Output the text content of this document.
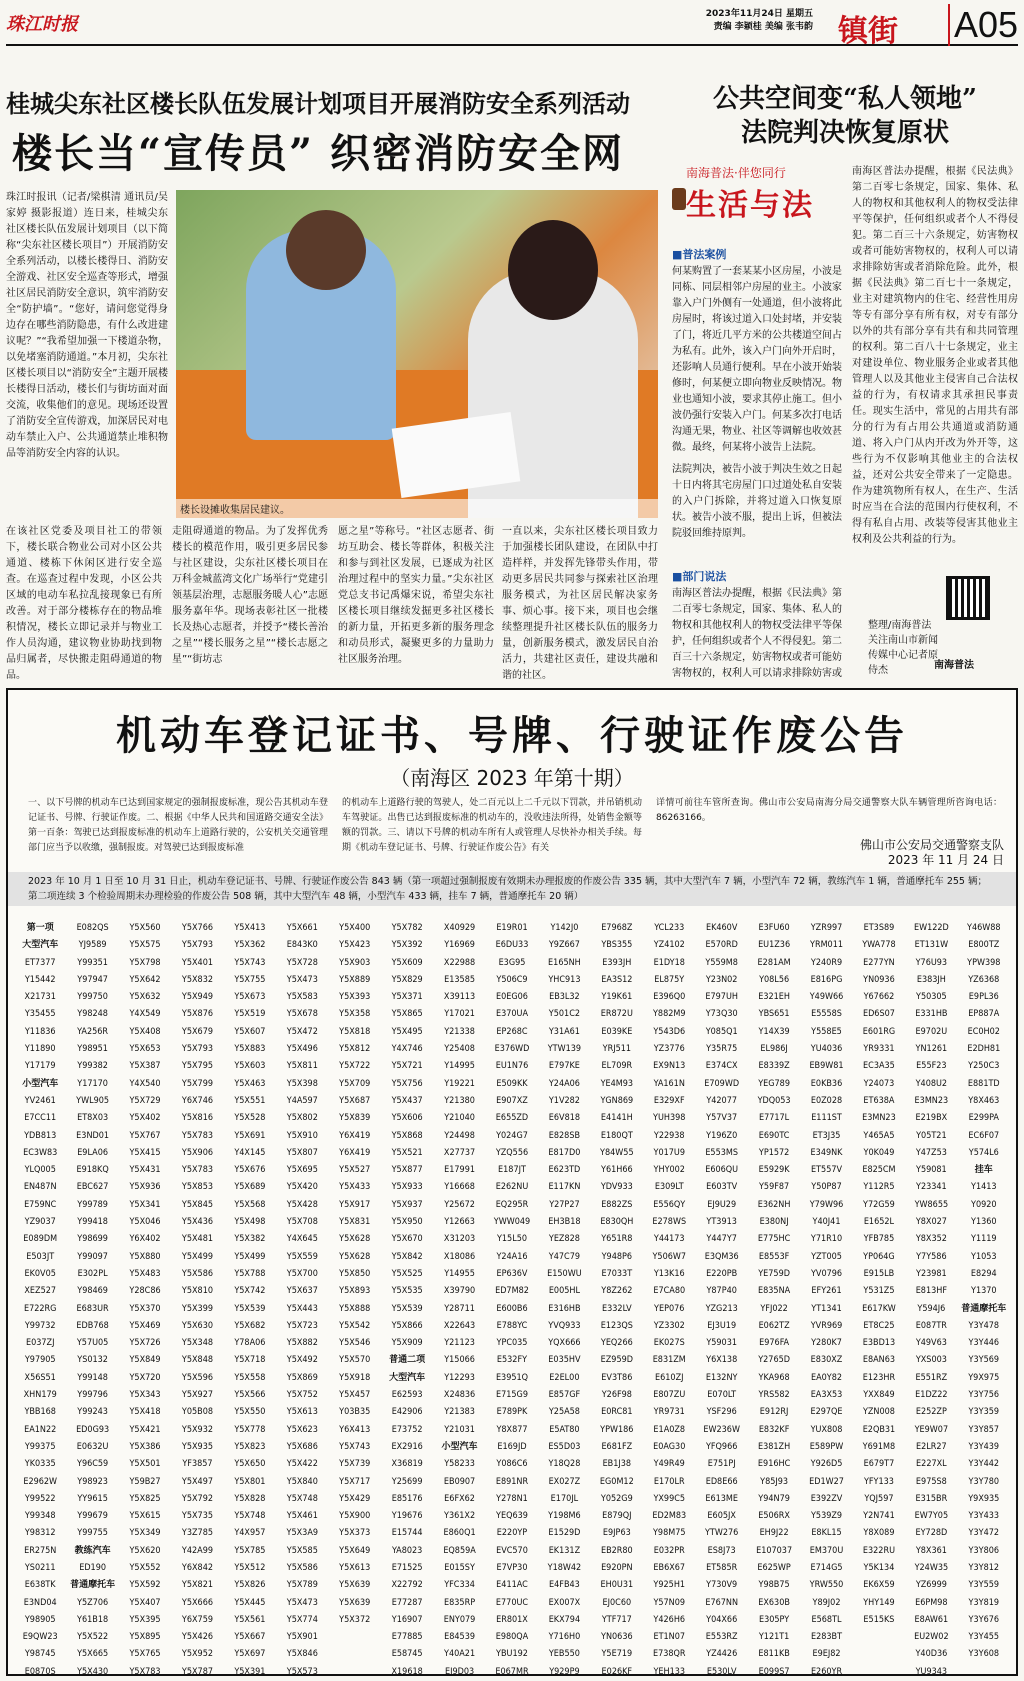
珠江时报	2023年11月24日 星期五
责编 李颖桂 美编 张韦韵 镇街 A05
桂城尖东社区楼长队伍发展计划项目开展消防安全系列活动
楼长当“宣传员” 织密消防安全网
珠江时报讯（记者/梁棋清 通讯员/吴家婷 摄影报道）连日来，桂城尖东社区楼长队伍发展计划项目（以下简称“尖东社区楼长项目”）开展消防安全系列活动，以楼长楼得日、消防安全游戏、社区安全巡查等形式，增强社区居民消防安全意识，筑牢消防安全“防护墙”。“您好，请问您觉得身边存在哪些消防隐患，有什么改进建议呢？”“我希望加强一下楼道杂物，以免堵塞消防通道。”本月初，尖东社区楼长项目以“消防安全”主题开展楼长楼得日活动，楼长们与街坊面对面交流，收集他们的意见。现场还设置了消防安全宣传游戏，加深居民对电动车禁止入户、公共通道禁止堆积物品等消防安全内容的认识。
楼长设摊收集居民建议。
在该社区党委及项目社工的带领下，楼长联合物业公司对小区公共通道、楼栋下休闲区进行安全巡查。在巡查过程中发现，小区公共区域的电动车私拉乱接现象已有所改善。对于部分楼栋存在的物品堆积情况，楼长立即记录并与物业工作人员沟通，建议物业协助找到物品归属者，尽快搬走阻碍通道的物品。
走阻碍通道的物品。为了发挥优秀楼长的模范作用，吸引更多居民参与社区建设，尖东社区楼长项目在万科金城蓝湾文化广场举行“党建引领基层治理，志愿服务暖人心”志愿服务嘉年华。现场表彰社区一批楼长及热心志愿者，并授予“楼长善治之星”“楼长服务之星”“楼长志愿之星”“街坊志
愿之星”等称号。“社区志愿者、街坊互助会、楼长等群体，积极关注和参与到社区发展，已逐成为社区治理过程中的坚实力量。”尖东社区党总支书记禹爆宋说，希望尖东社区楼长项目继续发掘更多社区楼长的新力量，开拓更多新的服务理念和动员形式，凝聚更多的力量助力社区服务治理。
一直以来，尖东社区楼长项目致力于加强楼长团队建设，在团队中打造样样，并发挥先锋带头作用，带动更多居民共同参与探索社区治理服务模式，为社区居民解决家务事、烦心事。接下来，项目也会继续整理提升社区楼长队伍的服务力量，创新服务模式，激发居民自治活力，共建社区责任，建设共融和谐的社区。
公共空间变“私人领地”
法院判决恢复原状
南海普法·伴您同行
生活与法
■普法案例
何某购置了一套某某小区房屋，小波是同栋、同层相邻户房屋的业主。小波家靠入户门外侧有一处通道，但小波将此房屋时，将该过道入口处封堵，并安装了门，将近几平方米的公共楼道空间占为私有。此外，该入户门向外开启时，还影响人员通行便利。早在小波开始装修时，何某便立即向物业反映情况。物业也通知小波，要求其停止施工。但小波仍强行安装入户门。何某多次打电话沟通无果，物业、社区等调解也收效甚微。最终，何某将小波告上法院。
法院判决，被告小波于判决生效之日起十日内将其宅房屋门口过道处私自安装的入户门拆除，并将过道入口恢复原状。被告小波不服，提出上诉，但被法院驳回维持原判。
■部门说法
南海区普法办提醒，根据《民法典》第二百零七条规定，国家、集体、私人的物权和其他权利人的物权受法律平等保护，任何组织或者个人不得侵犯。第二百三十六条规定，妨害物权或者可能妨害物权的，权利人可以请求排除妨害或
南海区普法办提醒，根据《民法典》第二百零七条规定，国家、集体、私人的物权和其他权利人的物权受法律平等保护，任何组织或者个人不得侵犯。第二百三十六条规定，妨害物权或者可能妨害物权的，权利人可以请求排除妨害或者消除危险。此外，根据《民法典》第二百七十一条规定，业主对建筑物内的住宅、经营性用房等专有部分享有所有权，对专有部分以外的共有部分享有共有和共同管理的权利。第二百八十七条规定，业主对建设单位、物业服务企业或者其他管理人以及其他业主侵害自己合法权益的行为，有权请求其承担民事责任。现实生活中，常见的占用共有部分的行为有占用公共通道或消防通道、将入户门从内开改为外开等，这些行为不仅影响其他业主的合法权益，还对公共安全带来了一定隐患。作为建筑物所有权人，在生产、生活时应当在合法的范围内行使权利，不得有私自占用、改装等侵害其他业主权利及公共利益的行为。
整理/南海普法 关注南山市新闻传媒中心记者原侍杰	南海普法
机动车登记证书、号牌、行驶证作废公告
（南海区 2023 年第十期）
一、以下号牌的机动车已达到国家规定的强制报废标准，现公告其机动车登记证书、号牌、行驶证作废。二、根据《中华人民共和国道路交通安全法》第一百条：驾驶已达到报废标准的机动车上道路行驶的，公安机关交通管理部门应当予以收缴，强制报废。对驾驶已达到报废标准
的机动车上道路行驶的驾驶人，处二百元以上二千元以下罚款，并吊销机动车驾驶证。出售已达到报废标准的机动车的，没收违法所得，处销售金额等额的罚款。三、请以下号牌的机动车所有人或管理人尽快补办相关手续。每期《机动车登记证书、号牌、行驶证作废公告》有关
详情可前往车管所查询。佛山市公安局南海分局交通警察大队车辆管理所咨询电话：86263166。
佛山市公安局交通警察支队
2023 年 11 月 24 日
2023 年 10 月 1 日至 10 月 31 日止，机动车登记证书、号牌、行驶证作废公告 843 辆（第一项超过强制报废有效期未办理报废的作废公告 335 辆，其中大型汽车 7 辆，小型汽车 72 辆，教练汽车 1 辆，普通摩托车 255 辆；第二项连续 3 个检验周期未办理检验的作废公告 508 辆，其中大型汽车 48 辆，小型汽车 433 辆，挂车 7 辆，普通摩托车 20 辆）
第一项
大型汽车
ET7377
Y15442
X21731
Y35455
Y11836
Y11890
Y17179
小型汽车
YV2461
E7CC11
YDB813
EC3W83
YLQ005
EN487N
E759NC
YZ9037
E089DM
E503JT
EK0V05
XEZ527
E722RG
Y99732
E037ZJ
Y97905
X56S51
XHN179
YBB168
EA1N22
Y99375
YK0335
E2962W
Y99522
Y99348
Y98312
ER275N
YS0211
E638TK
E3ND04
Y98905
E9QW23
Y98745
E0870S
E082QS
YJ9589
Y99351
Y97947
Y99750
Y98248
YA256R
Y98951
Y99382
Y17170
YWL905
ET8X03
E3ND01
E9LA06
E918KQ
EBC627
Y99789
Y99418
Y98699
Y99097
E302PL
Y98469
E683UR
EDB768
Y57U05
YS0132
Y99148
Y99796
Y99243
ED0G93
E0632U
Y96C59
Y98923
YY9615
Y99679
Y99755
教练汽车
ED190
普通摩托车
Y5Z706
Y61B18
Y5X522
Y5X665
Y5X430
Y5X560
Y5X575
Y5X798
Y5X642
Y5X632
Y4X549
Y5X408
Y5X653
Y5X387
Y4X540
Y5X729
Y5X402
Y5X767
Y5X415
Y5X431
Y5X936
Y5X341
Y5X046
Y6X402
Y5X880
Y5X483
Y28C86
Y5X370
Y5X469
Y5X726
Y5X849
Y5X720
Y5X343
Y5X418
Y5X421
Y5X386
Y5X501
Y59B27
Y5X825
Y5X615
Y5X349
Y5X620
Y5X552
Y5X592
Y5X407
Y5X395
Y5X895
Y5X765
Y5X783
Y5X766
Y5X793
Y5X401
Y5X832
Y5X949
Y5X876
Y5X679
Y5X793
Y5X795
Y5X799
Y6X746
Y5X816
Y5X783
Y5X906
Y5X783
Y5X853
Y5X845
Y5X436
Y5X481
Y5X499
Y5X586
Y5X810
Y5X399
Y5X630
Y5X348
Y5X848
Y5X596
Y5X927
Y05B08
Y5X932
Y5X935
YF3857
Y5X497
Y5X792
Y5X735
Y3Z785
Y42A99
Y6X842
Y5X821
Y5X666
Y6X759
Y5X426
Y5X952
Y5X787
Y5X413
Y5X362
Y5X743
Y5X755
Y5X673
Y5X519
Y5X607
Y5X883
Y5X603
Y5X463
Y5X551
Y5X528
Y5X691
Y4X145
Y5X676
Y5X689
Y5X568
Y5X498
Y5X382
Y5X499
Y5X788
Y5X742
Y5X539
Y5X682
Y78A06
Y5X718
Y5X558
Y5X566
Y5X550
Y5X778
Y5X823
Y5X650
Y5X801
Y5X828
Y5X748
Y4X957
Y5X785
Y5X512
Y5X826
Y5X445
Y5X561
Y5X667
Y5X697
Y5X391
Y5X661
E843K0
Y5X728
Y5X473
Y5X583
Y5X678
Y5X472
Y5X496
Y5X811
Y5X398
Y4A597
Y5X802
Y5X910
Y5X807
Y5X695
Y5X420
Y5X428
Y5X708
Y4X645
Y5X559
Y5X700
Y5X637
Y5X443
Y5X723
Y5X882
Y5X492
Y5X869
Y5X752
Y5X613
Y5X623
Y5X686
Y5X422
Y5X840
Y5X748
Y5X461
Y5X3A9
Y5X585
Y5X586
Y5X789
Y5X473
Y5X774
Y5X901
Y5X846
Y5X573
Y5X400
Y5X423
Y5X903
Y5X889
Y5X393
Y5X358
Y5X818
Y5X812
Y5X722
Y5X709
Y5X687
Y5X839
Y6X419
Y6X419
Y5X527
Y5X433
Y5X917
Y5X831
Y5X628
Y5X628
Y5X850
Y5X893
Y5X888
Y5X542
Y5X546
Y5X570
Y5X918
Y5X457
Y03B35
Y6X413
Y5X743
Y5X739
Y5X717
Y5X429
Y5X900
Y5X373
Y5X649
Y5X613
Y5X639
Y5X639
Y5X372
Y5X782
Y5X392
Y5X609
Y5X829
Y5X371
Y5X865
Y5X495
Y4X746
Y5X721
Y5X756
Y5X437
Y5X606
Y5X868
Y5X521
Y5X877
Y5X933
Y5X937
Y5X950
Y5X670
Y5X842
Y5X525
Y5X535
Y5X539
Y5X866
Y5X909
普通二项
大型汽车
E62593
E42906
E73752
EX2916
X36819
Y25699
E85176
Y19676
E15744
YA8023
E71525
X22792
E77287
Y16907
E77885
E58745
X19618
X40929
Y16969
X22988
E13585
X39113
Y17021
Y21338
Y25408
Y14995
Y19221
Y21380
Y21040
Y24498
X27737
E17991
Y16668
Y25672
Y12663
X31203
X18086
Y14955
X39790
Y28711
X22643
Y21123
Y15066
Y12293
X24836
Y21383
Y21031
小型汽车
Y58233
EB0907
E6FX62
Y361X2
E860Q1
EQ859A
E015SY
YFC334
E835RP
ENY079
E84539
Y40A21
EJ9D03
E19R01
E6DU33
E3G95
Y506C9
E0EG06
E370UA
EP268C
E376WD
EU1N76
E509KK
E907XZ
E655ZD
Y024G7
YZQ556
E187JT
E262NU
EQ295R
YWW049
Y15L50
Y24A16
EP636V
ED7M82
E600B6
E788YC
YPC035
E532FY
E3951Q
E715G9
E789PK
Y8X877
E169JD
Y086C6
E891NR
Y278N1
YEQ639
E220YP
EVC570
E7VP30
E411AC
E770UC
ER801X
E980QA
YBU192
E067MR
Y142J0
Y9Z667
E165NH
YHC913
EB3L32
Y501C2
Y31A61
YTW139
E797KE
Y24A06
Y1V282
E6V818
E828SB
E817D0
E623TD
E117KN
Y27P27
EH3B18
YEZ828
Y47C79
E150WU
E005HL
E316HB
YVQ933
YQX666
E035HV
E2EL00
E857GF
Y25A58
E5AT80
ES5D03
Y18Q28
EX027Z
E170JL
Y198M6
E1529D
EK131Z
Y18W42
E4FB43
EX007X
EKX794
Y716H0
YEB550
Y929P9
E7968Z
YBS355
E393JH
EA3S12
Y19K61
ER872U
E039KE
YRJ511
EL709R
YE4M93
YGN869
E4141H
E180QT
Y84W55
Y61H66
YDV933
E882ZS
E830QH
Y651R8
Y948P6
E7033T
Y8Z262
E332LV
E123QS
YEQ266
EZ959D
EV3T86
Y26F98
E0RC81
YPW186
E681FZ
EB1J38
EG0M12
Y052G9
E879QJ
E9JP63
EB2R80
E920PN
EH0U31
EJ0C60
YTF717
YN0636
Y5E719
E026KF
YCL233
YZ4102
E1DY18
EL875Y
E396Q0
Y882M9
Y543D6
YZ3776
EX9N13
YA161N
E329XF
YUH398
Y22938
Y017U9
YHY002
E309LT
E556QY
E278WS
Y44173
Y506W7
Y13K16
E7CA80
YEP076
YZ3302
EK027S
E831ZM
E610ZJ
E807ZU
YR9731
E1A0Z8
E0AG30
Y49R49
E170LR
YX99C5
ED2M83
Y98M75
E032PR
EB6X67
Y925H1
Y57N09
Y426H6
ET1N07
E738QR
YEH133
EK460V
E570RD
Y559M8
Y23N02
E797UH
Y73Q30
Y085Q1
Y35R75
E374CX
E709WD
Y42077
Y57V37
Y196Z0
E553MS
E606QU
E603TV
EJ9U29
YT3913
Y447Y7
E3QM36
E220PB
Y87P40
YZG213
EJ3U19
Y59031
Y6X138
E132NY
E070LT
YSF296
EW236W
YFQ966
E751PJ
ED8E66
E613ME
E605JX
YTW276
ES8J73
ET585R
Y730V9
E767NN
Y04X66
E553RZ
YZ4426
E530LV
E3FU60
EU1Z36
E281AM
Y08L56
E321EH
YBS651
Y14X39
EL986J
E8339Z
YEG789
YDQ053
E7717L
E690TC
YP1572
E5929K
Y59F87
E362NH
E380NJ
E775HC
E8553F
YE759D
E835NA
YFJ022
E062TZ
E976FA
Y2765D
YKA968
YRS582
E912RJ
E832KF
E381ZH
E916HC
Y85J93
Y94N79
E506RX
EH9J22
E107037
E625WP
Y98B75
EX630B
E305PY
Y121T1
E811KB
E099S7
YZR997
YRM011
Y240R9
E816PG
Y49W66
E5558S
Y558E5
YU4036
EB9W81
E0KB36
E0Z028
E111ST
ET3J35
E349NK
ET557V
Y50P87
Y79W96
Y40J41
Y71R10
YZT005
YV0796
EFY261
YT1341
YVR969
Y280K7
E830XZ
EA0Y82
EA3X53
E297QE
YUX808
E589PW
Y926D5
ED1W27
E392ZV
Y539Z9
E8KL15
EM370U
E714G5
YRW550
Y89J02
E568TL
E283BT
E9EJ82
E260YR
ET3S89
YWA778
E277YN
YN0936
Y67662
ED6S07
E601RG
YR9331
EC3A35
Y24073
ET638A
E3MN23
Y465A5
Y0K049
E825CM
Y112R5
Y72G59
E1652L
YFB785
YP064G
E915LB
Y531Z5
E617KW
ET8C25
E3BD13
E8AN63
E123HR
YXX849
YZN008
E2QB31
Y691M8
E679T7
YFY133
YQJ597
Y2N741
Y8X089
E322RU
Y5K134
EK6X59
YHY149
E515KS
EW122D
ET131W
Y76U93
E383JH
Y50305
E331HB
E9702U
YN1261
E55F23
Y408U2
E3MN23
E219BX
Y05T21
Y47Z53
Y59081
Y23341
YW8655
Y8X027
Y8X352
Y7Y586
Y23981
E813HF
Y594J6
E087TR
Y49V63
YXS003
E551RZ
E1DZ22
E252ZP
YE9W07
E2LR27
E227XL
E975S8
E315BR
EW7Y05
EY728D
Y8X361
Y24W35
YZ6999
E6PM98
E8AW61
EU2W02
Y40D36
YU9343
Y46W88
E800TZ
YPW398
YZ6368
E9PL36
EP887A
EC0H02
E2DH81
Y250C3
E881TD
Y8X463
E299PA
EC6F07
Y574L6
挂车
Y1413
Y0920
Y1360
Y1119
Y1053
E8294
Y1370
普通摩托车
Y3Y478
Y3Y446
Y3Y569
Y9X975
Y3Y756
Y3Y359
Y3Y857
Y3Y439
Y3Y442
Y3Y780
Y9X935
Y3Y433
Y3Y472
Y3Y806
Y3Y812
Y3Y559
Y3Y819
Y3Y676
Y3Y455
Y3Y608
